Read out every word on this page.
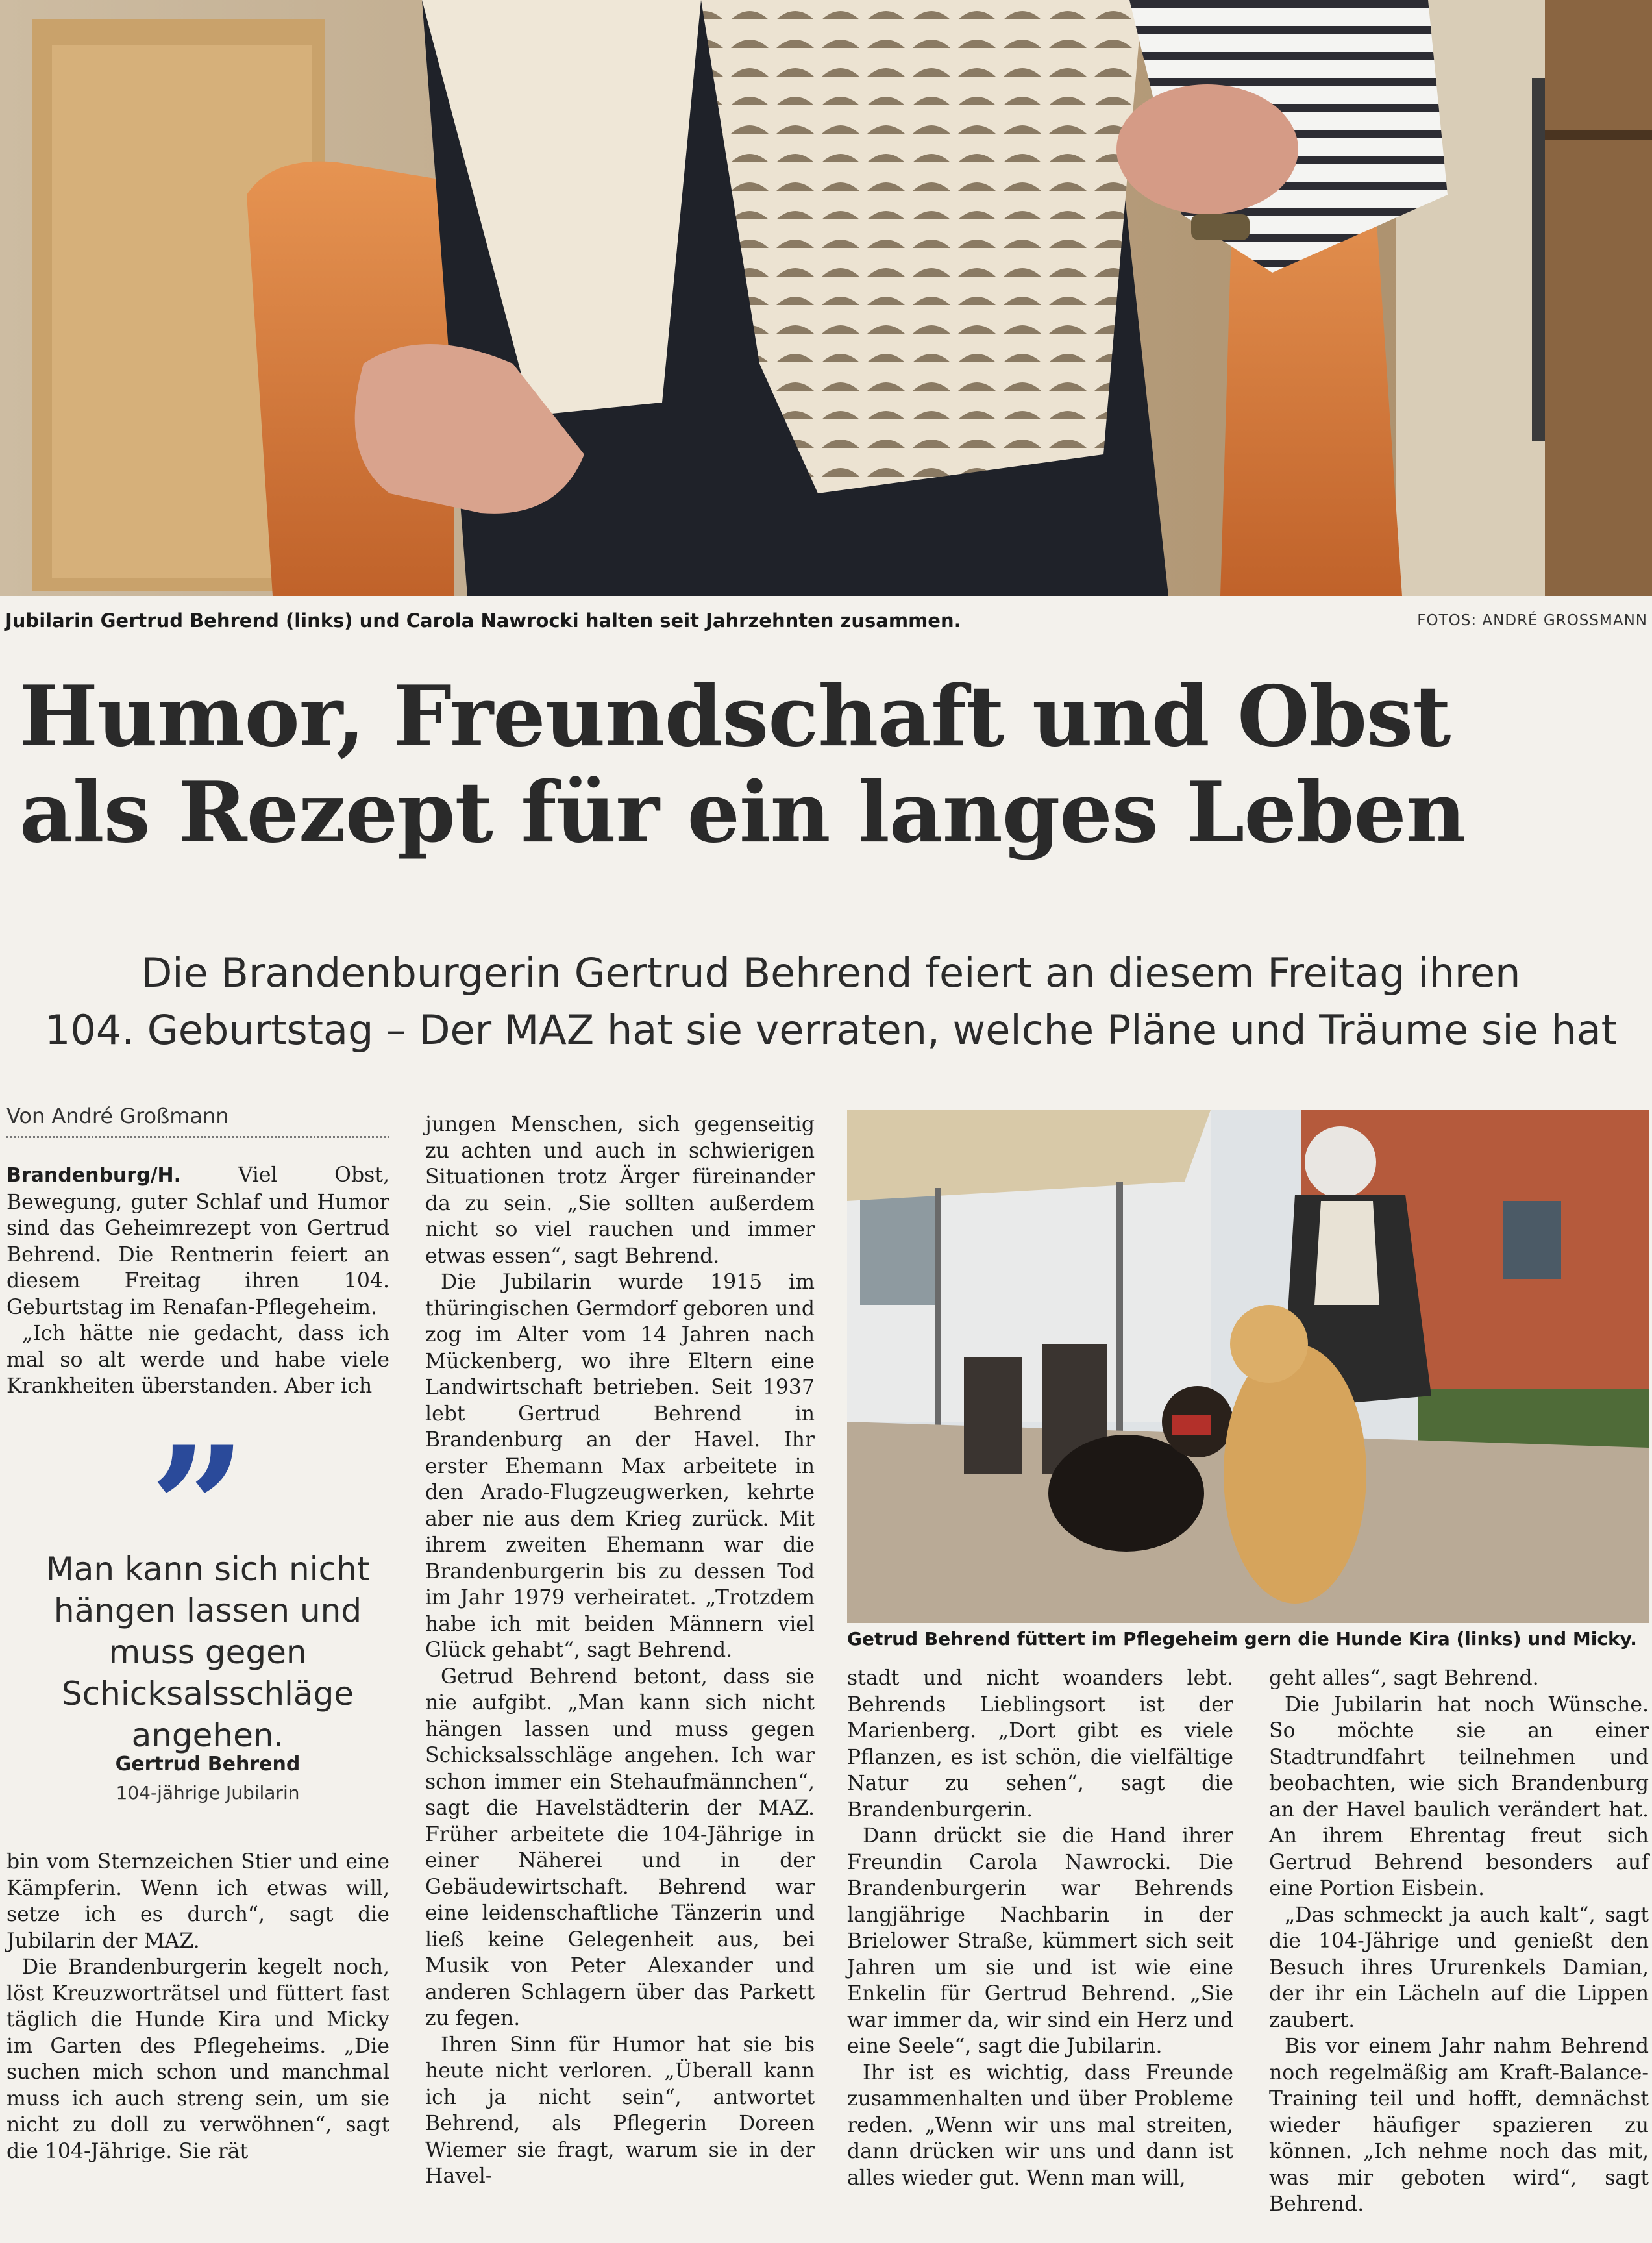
Jubilarin Gertrud Behrend (links) und Carola Nawrocki halten seit Jahrzehnten zusammen.	FOTOS: ANDRÉ GROSSMANN
Humor, Freundschaft und Obst
als Rezept für ein langes Leben
Die Brandenburgerin Gertrud Behrend feiert an diesem Freitag ihren
104. Geburtstag – Der MAZ hat sie verraten, welche Pläne und Träume sie hat
Von André Großmann

Brandenburg/H.	Viel Obst, Bewegung, guter Schlaf und Humor sind das Geheimrezept von Gertrud Behrend. Die Rentnerin feiert an diesem Freitag ihren 104. Geburtstag im Renafan-Pflegeheim.

„Ich hätte nie gedacht, dass ich mal so alt werde und habe viele Krankheiten überstanden. Aber ich

”
Man kann sich nicht hängen lassen und muss gegen Schicksalsschläge angehen.
Gertrud Behrend
104-jährige Jubilarin

bin vom Sternzeichen Stier und eine Kämpferin. Wenn ich etwas will, setze ich es durch“, sagt die Jubilarin der MAZ.

Die Brandenburgerin kegelt noch, löst Kreuzworträtsel und füttert fast täglich die Hunde Kira und Micky im Garten des Pflegeheims. „Die suchen mich schon und manchmal muss ich auch streng sein, um sie nicht zu doll zu verwöhnen“, sagt die 104-Jährige. Sie rät

jungen Menschen, sich gegenseitig zu achten und auch in schwierigen Situationen trotz Ärger füreinander da zu sein. „Sie sollten außerdem nicht so viel rauchen und immer etwas essen“, sagt Behrend.

Die Jubilarin wurde 1915 im thüringischen Germdorf geboren und zog im Alter vom 14 Jahren nach Mückenberg, wo ihre Eltern eine Landwirtschaft betrieben. Seit 1937 lebt Gertrud Behrend in Brandenburg an der Havel. Ihr erster Ehemann Max arbeitete in den Arado-Flugzeugwerken, kehrte aber nie aus dem Krieg zurück. Mit ihrem zweiten Ehemann war die Brandenburgerin bis zu dessen Tod im Jahr 1979 verheiratet. „Trotzdem habe ich mit beiden Männern viel Glück gehabt“, sagt Behrend.

Getrud Behrend betont, dass sie nie aufgibt. „Man kann sich nicht hängen lassen und muss gegen Schicksalsschläge angehen. Ich war schon immer ein Stehaufmännchen“, sagt die Havelstädterin der MAZ. Früher arbeitete die 104-Jährige in einer Näherei und in der Gebäudewirtschaft. Behrend war eine leidenschaftliche Tänzerin und ließ keine Gelegenheit aus, bei Musik von Peter Alexander und anderen Schlagern über das Parkett zu fegen.

Ihren Sinn für Humor hat sie bis heute nicht verloren. „Überall kann ich ja nicht sein“, antwortet Behrend, als Pflegerin Doreen Wiemer sie fragt, warum sie in der Havel-

Getrud Behrend füttert im Pflegeheim gern die Hunde Kira (links) und Micky.

stadt und nicht woanders lebt. Behrends Lieblingsort ist der Marienberg. „Dort gibt es viele Pflanzen, es ist schön, die vielfältige Natur zu sehen“, sagt die Brandenburgerin.

Dann drückt sie die Hand ihrer Freundin Carola Nawrocki. Die Brandenburgerin war Behrends langjährige Nachbarin in der Brielower Straße, kümmert sich seit Jahren um sie und ist wie eine Enkelin für Gertrud Behrend. „Sie war immer da, wir sind ein Herz und eine Seele“, sagt die Jubilarin.

Ihr ist es wichtig, dass Freunde zusammenhalten und über Probleme reden. „Wenn wir uns mal streiten, dann drücken wir uns und dann ist alles wieder gut. Wenn man will,

geht alles“, sagt Behrend.

Die Jubilarin hat noch Wünsche. So möchte sie an einer Stadtrundfahrt teilnehmen und beobachten, wie sich Brandenburg an der Havel baulich verändert hat. An ihrem Ehrentag freut sich Gertrud Behrend besonders auf eine Portion Eisbein.

„Das schmeckt ja auch kalt“, sagt die 104-Jährige und genießt den Besuch ihres Ururenkels Damian, der ihr ein Lächeln auf die Lippen zaubert.

Bis vor einem Jahr nahm Behrend noch regelmäßig am Kraft-Balance-Training teil und hofft, demnächst wieder häufiger spazieren zu können. „Ich nehme noch das mit, was mir geboten wird“, sagt Behrend.
